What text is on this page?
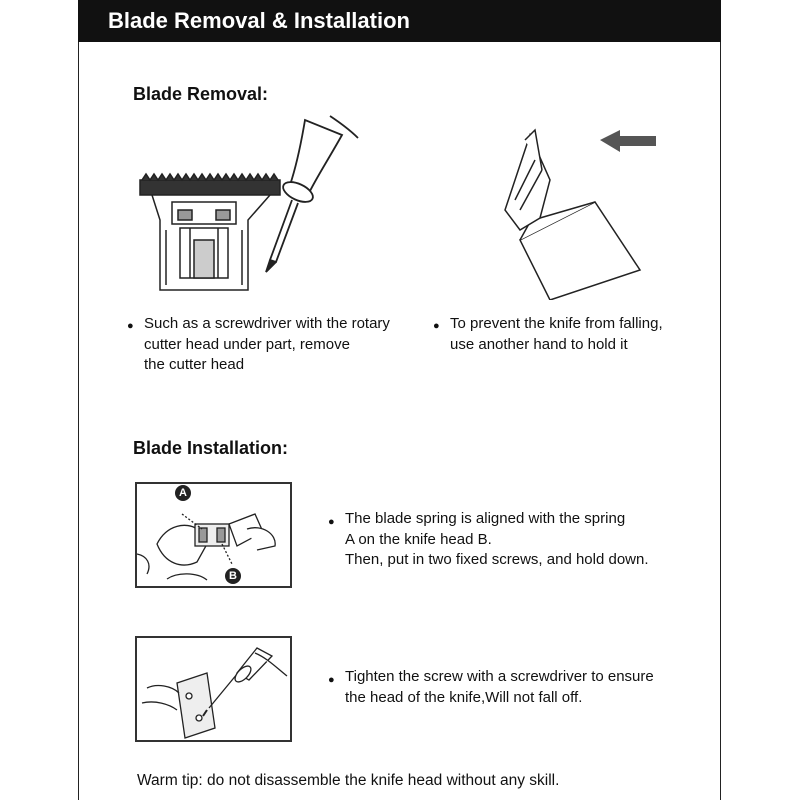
Blade Removal & Installation
Blade Removal:
● Such as a screwdriver with the rotary
cutter head under part, remove
the cutter head
● To prevent the knife from falling,
use another hand to hold it
Blade Installation:
A
B
● The blade spring is aligned with the spring
A on the knife head B.
Then, put in two fixed screws, and hold down.
● Tighten the screw with a screwdriver to ensure
the head of the knife,Will not fall off.
Warm tip: do not disassemble the knife head without any skill.
